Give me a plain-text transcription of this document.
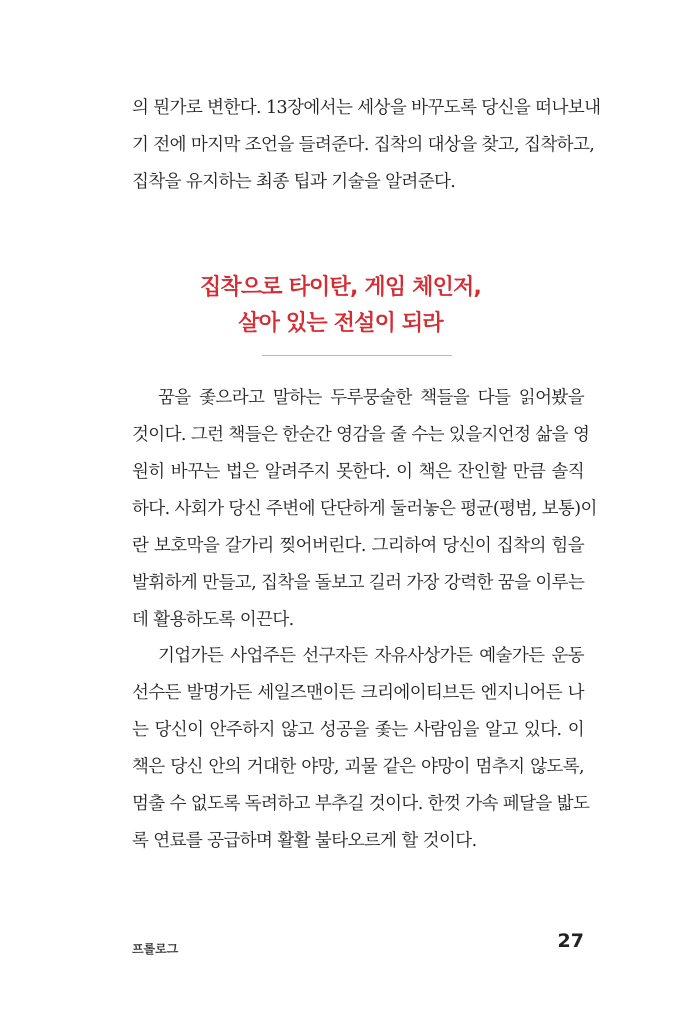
의 뭔가로 변한다. 13장에서는 세상을 바꾸도록 당신을 떠나보내
기 전에 마지막 조언을 들려준다. 집착의 대상을 찾고, 집착하고,
집착을 유지하는 최종 팁과 기술을 알려준다.
집착으로 타이탄, 게임 체인저,
살아 있는 전설이 되라
꿈을 좇으라고 말하는 두루뭉술한 책들을 다들 읽어봤을
것이다. 그런 책들은 한순간 영감을 줄 수는 있을지언정 삶을 영
원히 바꾸는 법은 알려주지 못한다. 이 책은 잔인할 만큼 솔직
하다. 사회가 당신 주변에 단단하게 둘러놓은 평균(평범, 보통)이
란 보호막을 갈가리 찢어버린다. 그리하여 당신이 집착의 힘을
발휘하게 만들고, 집착을 돌보고 길러 가장 강력한 꿈을 이루는
데 활용하도록 이끈다.
기업가든 사업주든 선구자든 자유사상가든 예술가든 운동
선수든 발명가든 세일즈맨이든 크리에이티브든 엔지니어든 나
는 당신이 안주하지 않고 성공을 좇는 사람임을 알고 있다. 이
책은 당신 안의 거대한 야망, 괴물 같은 야망이 멈추지 않도록,
멈출 수 없도록 독려하고 부추길 것이다. 한껏 가속 페달을 밟도
록 연료를 공급하며 활활 불타오르게 할 것이다.
프롤로그	27
